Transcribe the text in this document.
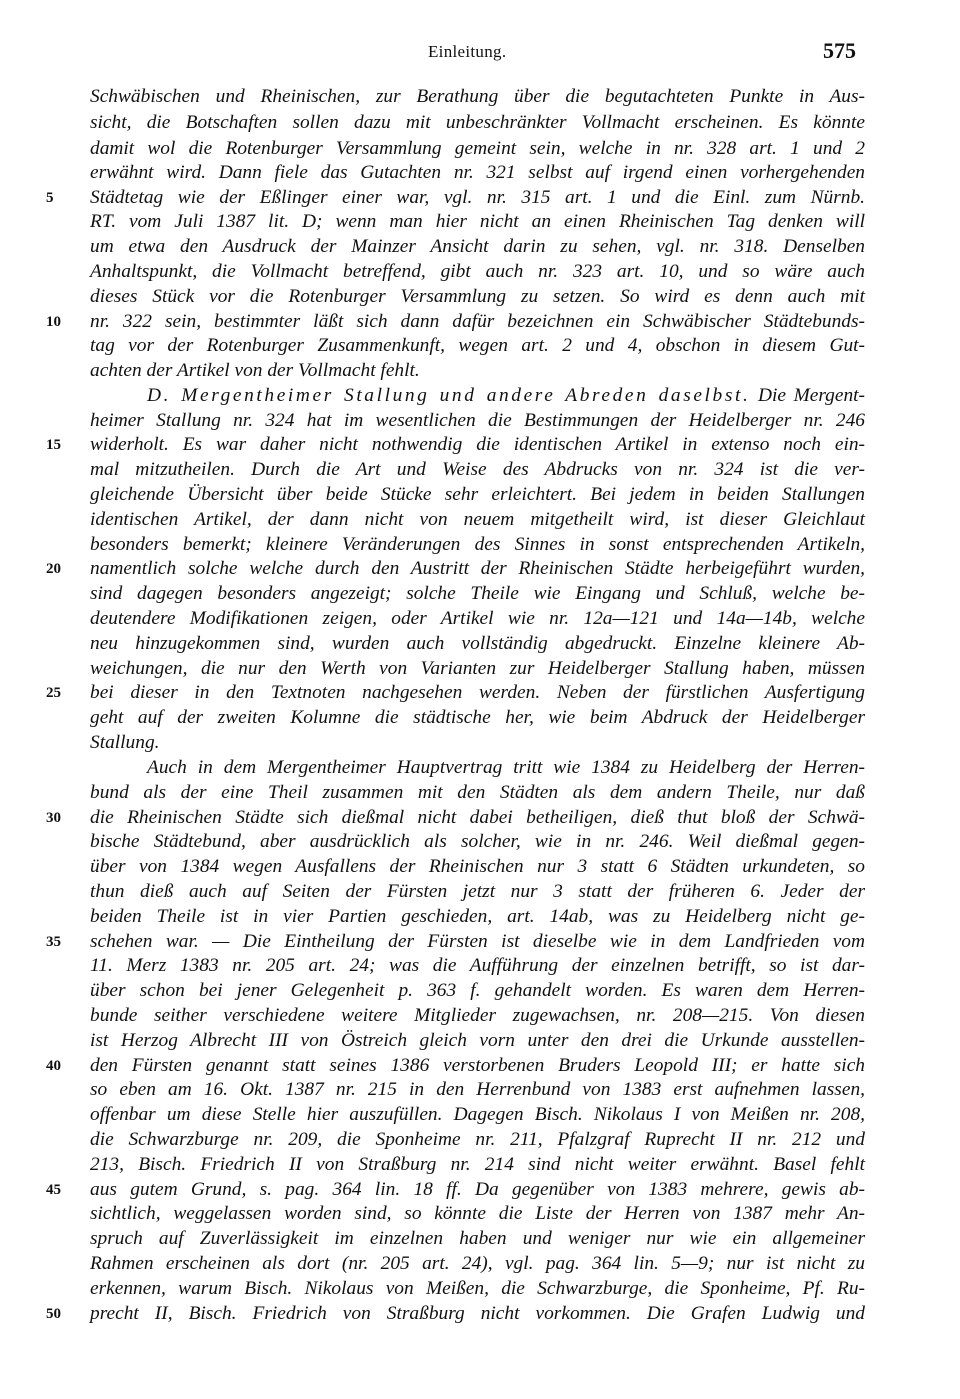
Einleitung.	575
Schwäbischen und Rheinischen, zur Berathung über die begutachteten Punkte in Aus-
sicht, die Botschaften sollen dazu mit unbeschränkter Vollmacht erscheinen. Es könnte
damit wol die Rotenburger Versammlung gemeint sein, welche in nr. 328 art. 1 und 2
erwähnt wird. Dann fiele das Gutachten nr. 321 selbst auf irgend einen vorhergehenden
Städtetag wie der Eßlinger einer war, vgl. nr. 315 art. 1 und die Einl. zum Nürnb.
RT. vom Juli 1387 lit. D; wenn man hier nicht an einen Rheinischen Tag denken will
um etwa den Ausdruck der Mainzer Ansicht darin zu sehen, vgl. nr. 318. Denselben
Anhaltspunkt, die Vollmacht betreffend, gibt auch nr. 323 art. 10, und so wäre auch
dieses Stück vor die Rotenburger Versammlung zu setzen. So wird es denn auch mit
nr. 322 sein, bestimmter läßt sich dann dafür bezeichnen ein Schwäbischer Städtebunds-
tag vor der Rotenburger Zusammenkunft, wegen art. 2 und 4, obschon in diesem Gut-
achten der Artikel von der Vollmacht fehlt.
D. Mergentheimer Stallung und andere Abreden daselbst. Die Mergent-
heimer Stallung nr. 324 hat im wesentlichen die Bestimmungen der Heidelberger nr. 246
widerholt. Es war daher nicht nothwendig die identischen Artikel in extenso noch ein-
mal mitzutheilen. Durch die Art und Weise des Abdrucks von nr. 324 ist die ver-
gleichende Übersicht über beide Stücke sehr erleichtert. Bei jedem in beiden Stallungen
identischen Artikel, der dann nicht von neuem mitgetheilt wird, ist dieser Gleichlaut
besonders bemerkt; kleinere Veränderungen des Sinnes in sonst entsprechenden Artikeln,
namentlich solche welche durch den Austritt der Rheinischen Städte herbeigeführt wurden,
sind dagegen besonders angezeigt; solche Theile wie Eingang und Schluß, welche be-
deutendere Modifikationen zeigen, oder Artikel wie nr. 12a—121 und 14a—14b, welche
neu hinzugekommen sind, wurden auch vollständig abgedruckt. Einzelne kleinere Ab-
weichungen, die nur den Werth von Varianten zur Heidelberger Stallung haben, müssen
bei dieser in den Textnoten nachgesehen werden. Neben der fürstlichen Ausfertigung
geht auf der zweiten Kolumne die städtische her, wie beim Abdruck der Heidelberger
Stallung.
Auch in dem Mergentheimer Hauptvertrag tritt wie 1384 zu Heidelberg der Herren-
bund als der eine Theil zusammen mit den Städten als dem andern Theile, nur daß
die Rheinischen Städte sich dießmal nicht dabei betheiligen, dieß thut bloß der Schwä-
bische Städtebund, aber ausdrücklich als solcher, wie in nr. 246. Weil dießmal gegen-
über von 1384 wegen Ausfallens der Rheinischen nur 3 statt 6 Städten urkundeten, so
thun dieß auch auf Seiten der Fürsten jetzt nur 3 statt der früheren 6. Jeder der
beiden Theile ist in vier Partien geschieden, art. 14ab, was zu Heidelberg nicht ge-
schehen war. — Die Eintheilung der Fürsten ist dieselbe wie in dem Landfrieden vom
11. Merz 1383 nr. 205 art. 24; was die Aufführung der einzelnen betrifft, so ist dar-
über schon bei jener Gelegenheit p. 363 f. gehandelt worden. Es waren dem Herren-
bunde seither verschiedene weitere Mitglieder zugewachsen, nr. 208—215. Von diesen
ist Herzog Albrecht III von Östreich gleich vorn unter den drei die Urkunde ausstellen-
den Fürsten genannt statt seines 1386 verstorbenen Bruders Leopold III; er hatte sich
so eben am 16. Okt. 1387 nr. 215 in den Herrenbund von 1383 erst aufnehmen lassen,
offenbar um diese Stelle hier auszufüllen. Dagegen Bisch. Nikolaus I von Meißen nr. 208,
die Schwarzburge nr. 209, die Sponheime nr. 211, Pfalzgraf Ruprecht II nr. 212 und
213, Bisch. Friedrich II von Straßburg nr. 214 sind nicht weiter erwähnt. Basel fehlt
aus gutem Grund, s. pag. 364 lin. 18 ff. Da gegenüber von 1383 mehrere, gewis ab-
sichtlich, weggelassen worden sind, so könnte die Liste der Herren von 1387 mehr An-
spruch auf Zuverlässigkeit im einzelnen haben und weniger nur wie ein allgemeiner
Rahmen erscheinen als dort (nr. 205 art. 24), vgl. pag. 364 lin. 5—9; nur ist nicht zu
erkennen, warum Bisch. Nikolaus von Meißen, die Schwarzburge, die Sponheime, Pf. Ru-
precht II, Bisch. Friedrich von Straßburg nicht vorkommen. Die Grafen Ludwig und
5
10
15
20
25
30
35
40
45
50
